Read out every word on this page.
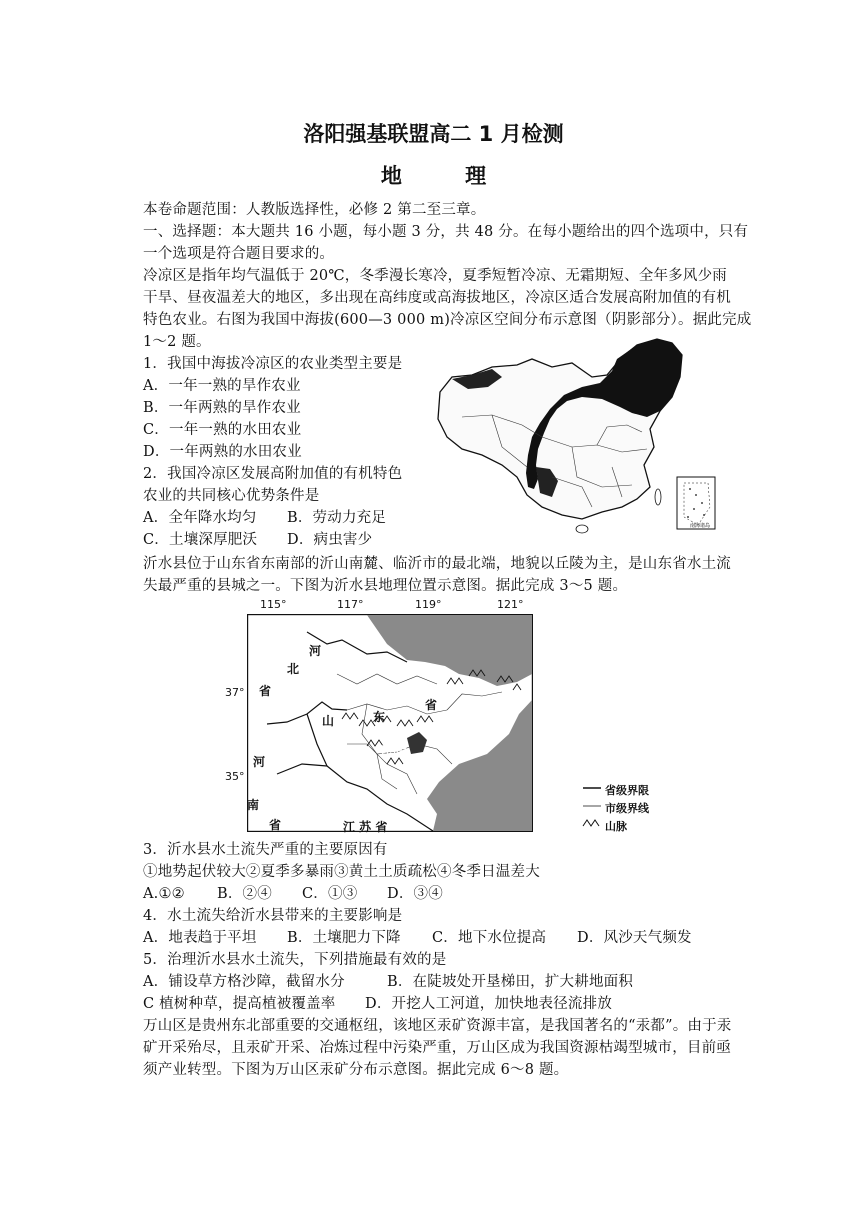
洛阳强基联盟高二 1 月检测
地 理
本卷命题范围：人教版选择性，必修 2 第二至三章。
一、选择题：本大题共 16 小题，每小题 3 分，共 48 分。在每小题给出的四个选项中，只有
一个选项是符合题目要求的。
冷凉区是指年均气温低于 20℃，冬季漫长寒冷，夏季短暂冷凉、无霜期短、全年多风少雨
干旱、昼夜温差大的地区，多出现在高纬度或高海拔地区，冷凉区适合发展高附加值的有机
特色农业。右图为我国中海拔(600—3 000 m)冷凉区空间分布示意图（阴影部分）。据此完成
1～2 题。
1．我国中海拔冷凉区的农业类型主要是
A．一年一熟的旱作农业
B．一年两熟的旱作农业
C．一年一熟的水田农业
D．一年两熟的水田农业
2．我国冷凉区发展高附加值的有机特色
农业的共同核心优势条件是
A．全年降水均匀 B．劳动力充足
C．土壤深厚肥沃 D．病虫害少
南海诸岛
沂水县位于山东省东南部的沂山南麓、临沂市的最北端，地貌以丘陵为主，是山东省水土流
失最严重的县城之一。下图为沂水县地理位置示意图。据此完成 3～5 题。
115°	117°	119°	121°
37°
35°
河
北
省
山	东
省
河
南
省	江 苏 省
沂水县
省级界限
市级界线
山脉
3．沂水县水土流失严重的主要原因有
①地势起伏较大②夏季多暴雨③黄土土质疏松④冬季日温差大
A.①② B．②④ C．①③ D．③④
4．水土流失给沂水县带来的主要影响是
A．地表趋于平坦 B．土壤肥力下降 C．地下水位提高 D．风沙天气频发
5．治理沂水县水土流失，下列措施最有效的是
A．铺设草方格沙障，截留水分	B．在陡坡处开垦梯田，扩大耕地面积
C 植树种草，提高植被覆盖率 D．开挖人工河道，加快地表径流排放
万山区是贵州东北部重要的交通枢纽，该地区汞矿资源丰富，是我国著名的“汞都”。由于汞
矿开采殆尽，且汞矿开采、冶炼过程中污染严重，万山区成为我国资源枯竭型城市，目前亟
须产业转型。下图为万山区汞矿分布示意图。据此完成 6～8 题。
